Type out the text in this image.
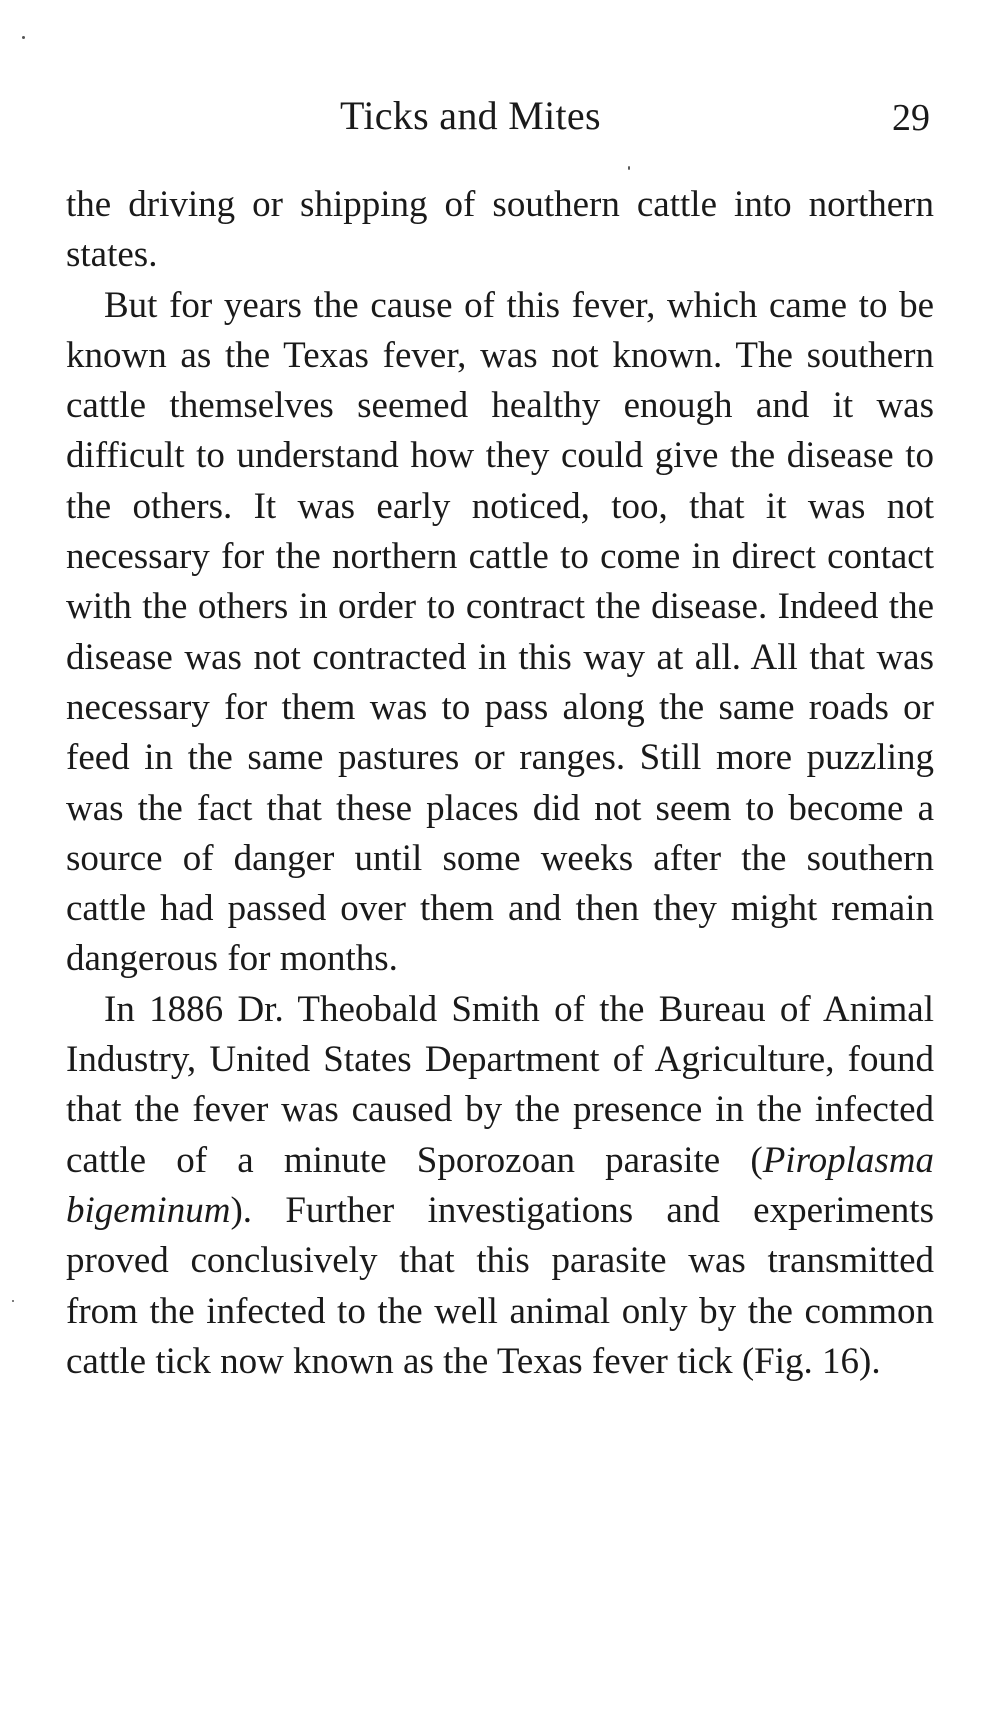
Ticks and Mites	29

the driving or shipping of southern cattle into northern states.

But for years the cause of this fever, which came to be known as the Texas fever, was not known. The southern cattle themselves seemed healthy enough and it was difficult to understand how they could give the disease to the others. It was early noticed, too, that it was not necessary for the northern cattle to come in direct contact with the others in order to contract the disease. Indeed the disease was not contracted in this way at all. All that was necessary for them was to pass along the same roads or feed in the same pastures or ranges. Still more puzzling was the fact that these places did not seem to become a source of danger until some weeks after the southern cattle had passed over them and then they might remain dangerous for months.

In 1886 Dr. Theobald Smith of the Bureau of Animal Industry, United States Department of Agriculture, found that the fever was caused by the presence in the infected cattle of a minute Sporozoan parasite (Piroplasma bigeminum). Further investigations and experiments proved conclusively that this parasite was transmitted from the infected to the well animal only by the common cattle tick now known as the Texas fever tick (Fig. 16).
